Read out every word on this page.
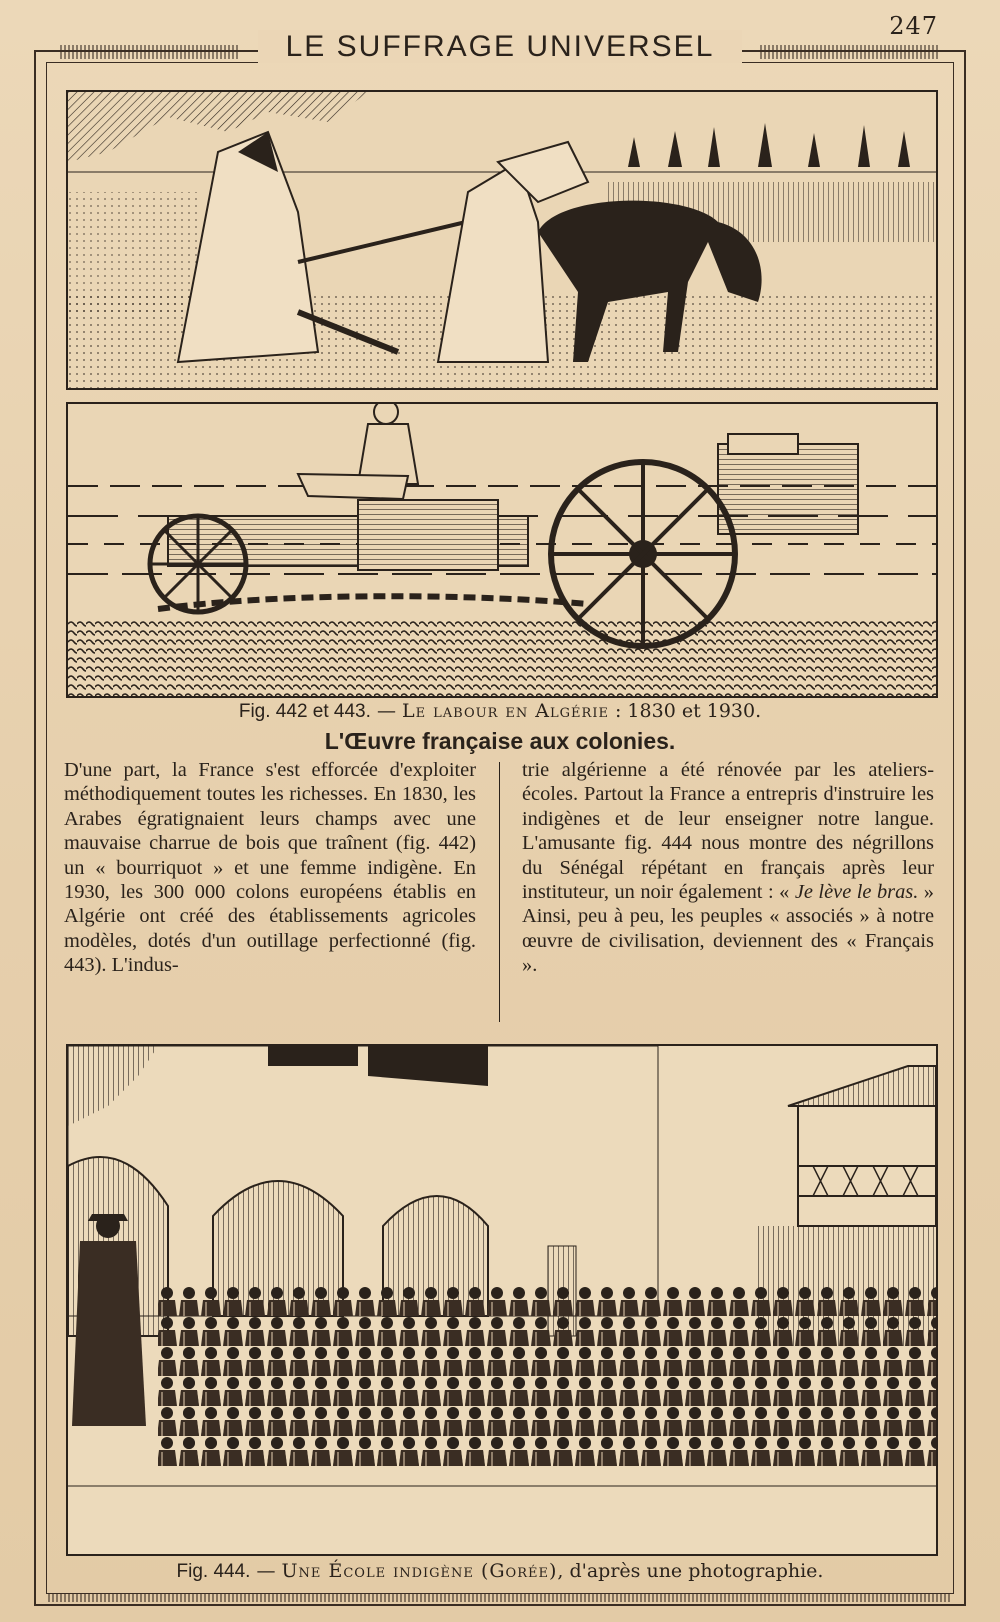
247
LE SUFFRAGE UNIVERSEL
Fig. 442 et 443. — Le labour en Algérie : 1830 et 1930.
L'Œuvre française aux colonies.

D'une part, la France s'est efforcée d'exploiter méthodiquement toutes les richesses. En 1830, les Arabes égratignaient leurs champs avec une mauvaise charrue de bois que traînent (fig. 442) un « bourriquot » et une femme indigène. En 1930, les 300 000 colons européens établis en Algérie ont créé des établissements agricoles modèles, dotés d'un outillage perfectionné (fig. 443). L'indus-

trie algérienne a été rénovée par les ateliers-écoles. Partout la France a entrepris d'instruire les indigènes et de leur enseigner notre langue. L'amusante fig. 444 nous montre des négrillons du Sénégal répétant en français après leur instituteur, un noir également : « Je lève le bras. » Ainsi, peu à peu, les peuples « associés » à notre œuvre de civilisation, deviennent des « Français ».

Fig. 444. — Une École indigène (Gorée), d'après une photographie.
